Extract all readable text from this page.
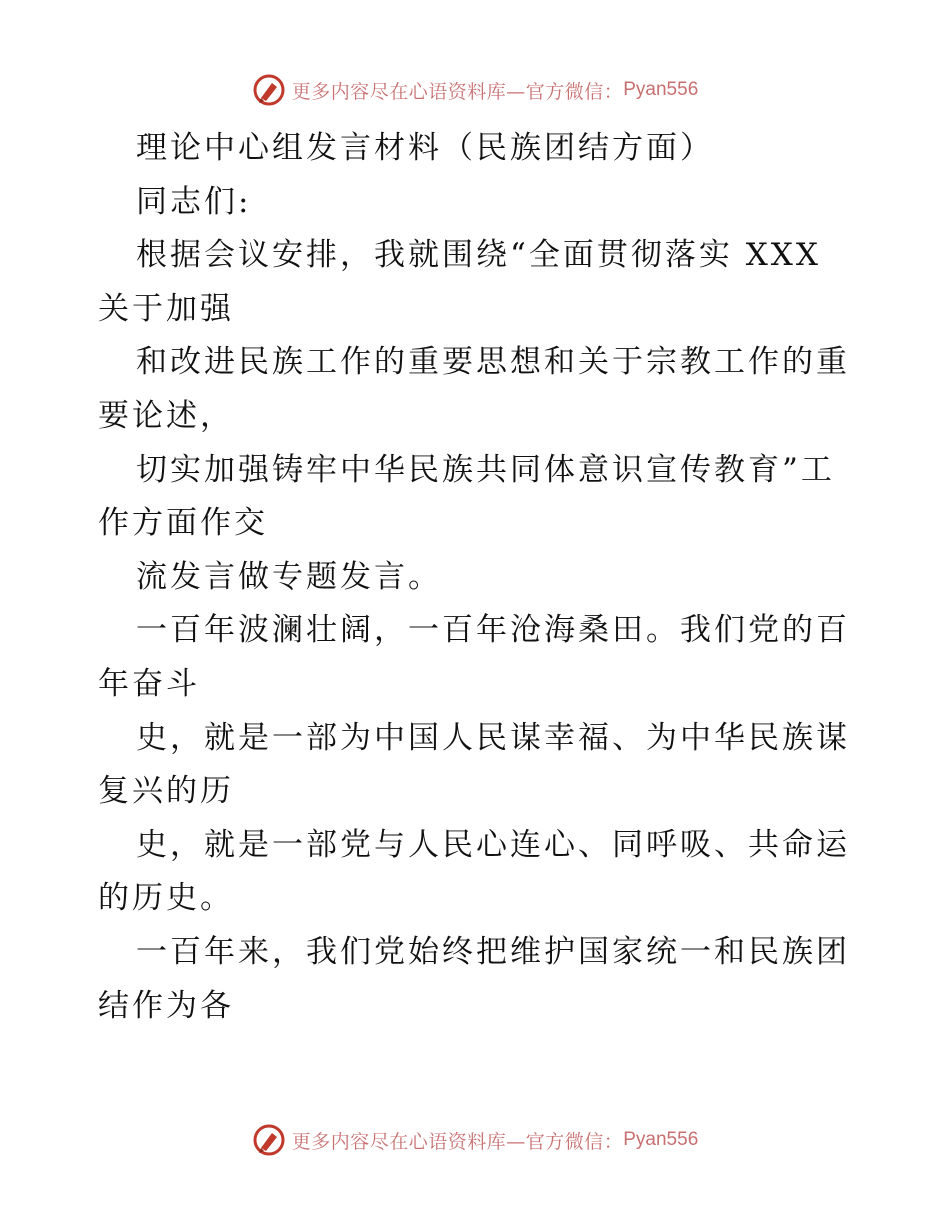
更多内容尽在心语资料库—官方微信： Pyan556
理论中心组发言材料（民族团结方面）
同志们:
根据会议安排，我就围绕“全面贯彻落实 XXX
关于加强
和改进民族工作的重要思想和关于宗教工作的重
要论述，
切实加强铸牢中华民族共同体意识宣传教育”工
作方面作交
流发言做专题发言。
一百年波澜壮阔，一百年沧海桑田。我们党的百
年奋斗
史，就是一部为中国人民谋幸福、为中华民族谋
复兴的历
史，就是一部党与人民心连心、同呼吸、共命运
的历史。
一百年来，我们党始终把维护国家统一和民族团
结作为各
更多内容尽在心语资料库—官方微信： Pyan556
